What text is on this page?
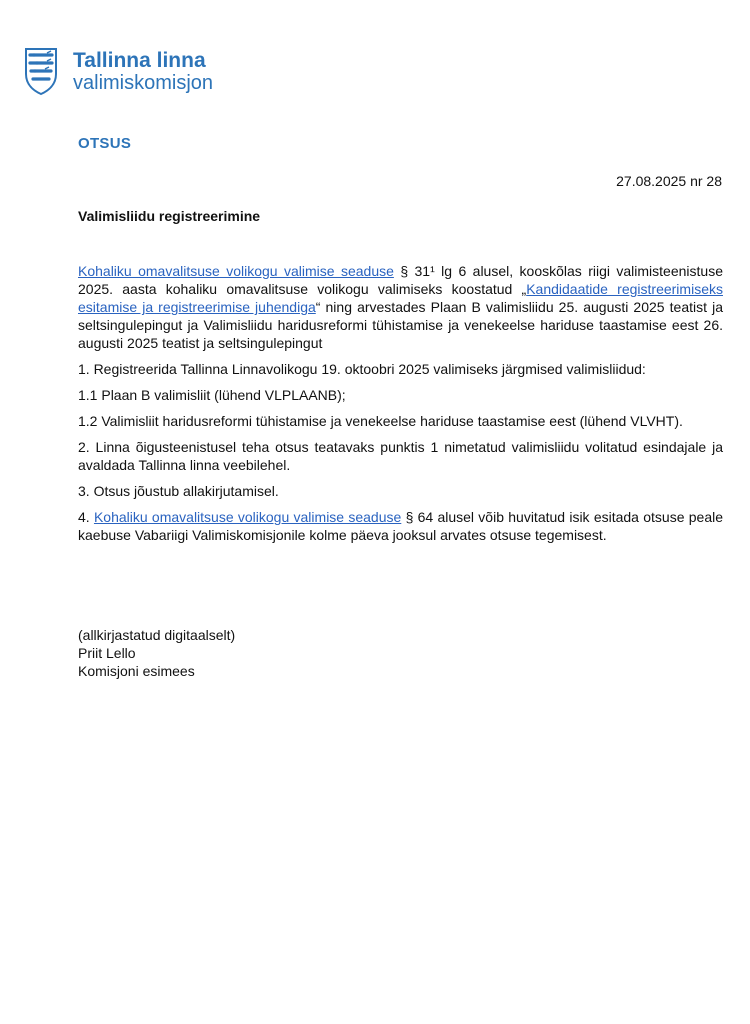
Tallinna linna
valimiskomisjon
OTSUS
27.08.2025 nr 28
Valimisliidu registreerimine

Kohaliku omavalitsuse volikogu valimise seaduse § 31¹ lg 6 alusel, kooskõlas riigi valimisteenistuse 2025. aasta kohaliku omavalitsuse volikogu valimiseks koostatud „Kandidaatide registreerimiseks esitamise ja registreerimise juhendiga“ ning arvestades Plaan B valimisliidu 25. augusti 2025 teatist ja seltsingulepingut ja Valimisliidu haridusreformi tühistamise ja venekeelse hariduse taastamise eest 26. augusti 2025 teatist ja seltsingulepingut

1. Registreerida Tallinna Linnavolikogu 19. oktoobri 2025 valimiseks järgmised valimisliidud:

1.1 Plaan B valimisliit (lühend VLPLAANB);

1.2 Valimisliit haridusreformi tühistamise ja venekeelse hariduse taastamise eest (lühend VLVHT).

2. Linna õigusteenistusel teha otsus teatavaks punktis 1 nimetatud valimisliidu volitatud esindajale ja avaldada Tallinna linna veebilehel.

3. Otsus jõustub allakirjutamisel.

4. Kohaliku omavalitsuse volikogu valimise seaduse § 64 alusel võib huvitatud isik esitada otsuse peale kaebuse Vabariigi Valimiskomisjonile kolme päeva jooksul arvates otsuse tegemisest.

(allkirjastatud digitaalselt)
Priit Lello
Komisjoni esimees
